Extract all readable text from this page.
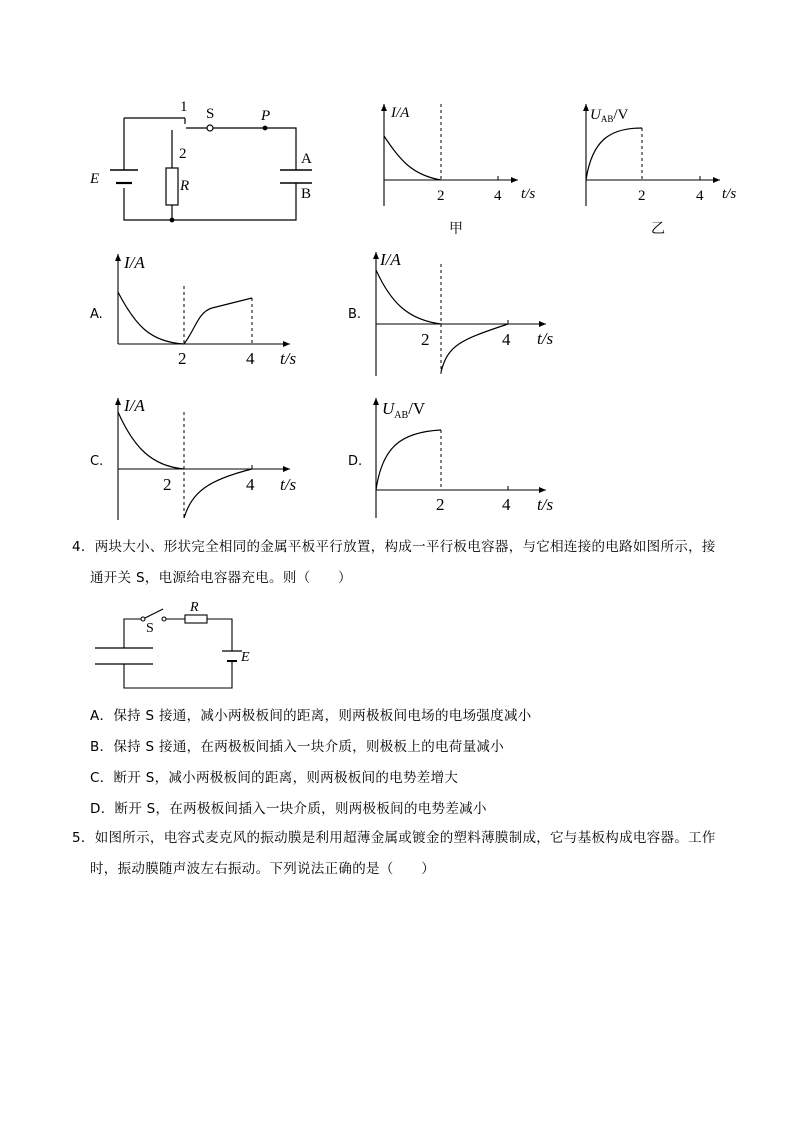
E	R
S	P
1
2	A
B
I/A
t/s
2	4
甲
$U_{AB}/V$
t/s
2	4
乙
A.
I/A
t/s
2	4
B.
I/A
t/s
2	4
C.
I/A
t/s
2	4
D.
$U_{AB}/V$
t/s
2	4
S
R
E
4．两块大小、形状完全相同的金属平板平行放置，构成一平行板电容器，与它相连接的电路如图所示，接
通开关 S，电源给电容器充电。则（　　）
A．保持 S 接通，减小两极板间的距离，则两极板间电场的电场强度减小
B．保持 S 接通，在两极板间插入一块介质，则极板上的电荷量减小
C．断开 S，减小两极板间的距离，则两极板间的电势差增大
D．断开 S，在两极板间插入一块介质，则两极板间的电势差减小
5．如图所示，电容式麦克风的振动膜是利用超薄金属或镀金的塑料薄膜制成，它与基板构成电容器。工作
时，振动膜随声波左右振动。下列说法正确的是（　　）
